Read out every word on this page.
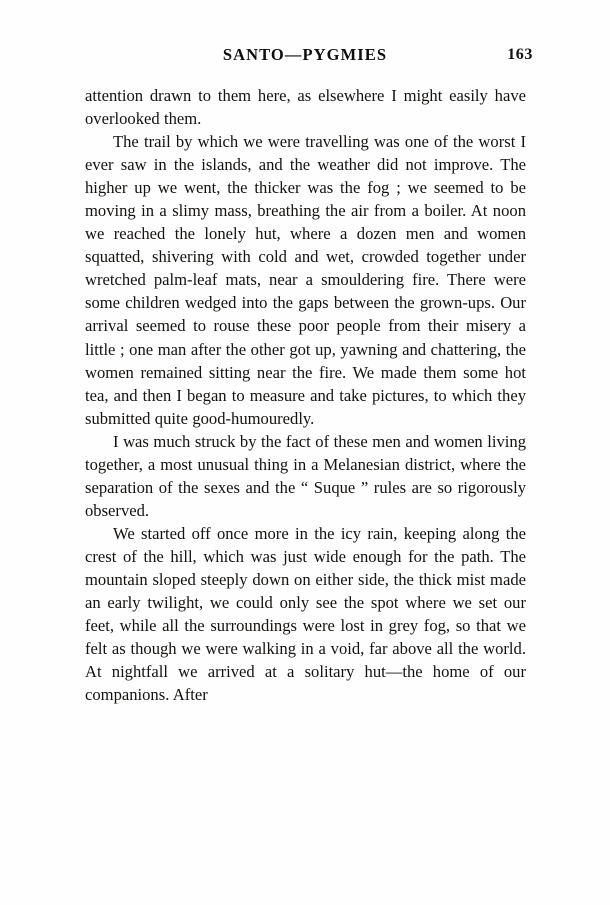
SANTO—PYGMIES	163

attention drawn to them here, as elsewhere I might easily have overlooked them.

The trail by which we were travelling was one of the worst I ever saw in the islands, and the weather did not improve. The higher up we went, the thicker was the fog ; we seemed to be moving in a slimy mass, breathing the air from a boiler. At noon we reached the lonely hut, where a dozen men and women squatted, shivering with cold and wet, crowded together under wretched palm-leaf mats, near a smouldering fire. There were some children wedged into the gaps between the grown-ups. Our arrival seemed to rouse these poor people from their misery a little ; one man after the other got up, yawning and chattering, the women remained sitting near the fire. We made them some hot tea, and then I began to measure and take pictures, to which they submitted quite good-humouredly.

I was much struck by the fact of these men and women living together, a most unusual thing in a Melanesian district, where the separation of the sexes and the “ Suque ” rules are so rigorously observed.

We started off once more in the icy rain, keeping along the crest of the hill, which was just wide enough for the path. The mountain sloped steeply down on either side, the thick mist made an early twilight, we could only see the spot where we set our feet, while all the surroundings were lost in grey fog, so that we felt as though we were walking in a void, far above all the world. At nightfall we arrived at a solitary hut—the home of our companions. After
